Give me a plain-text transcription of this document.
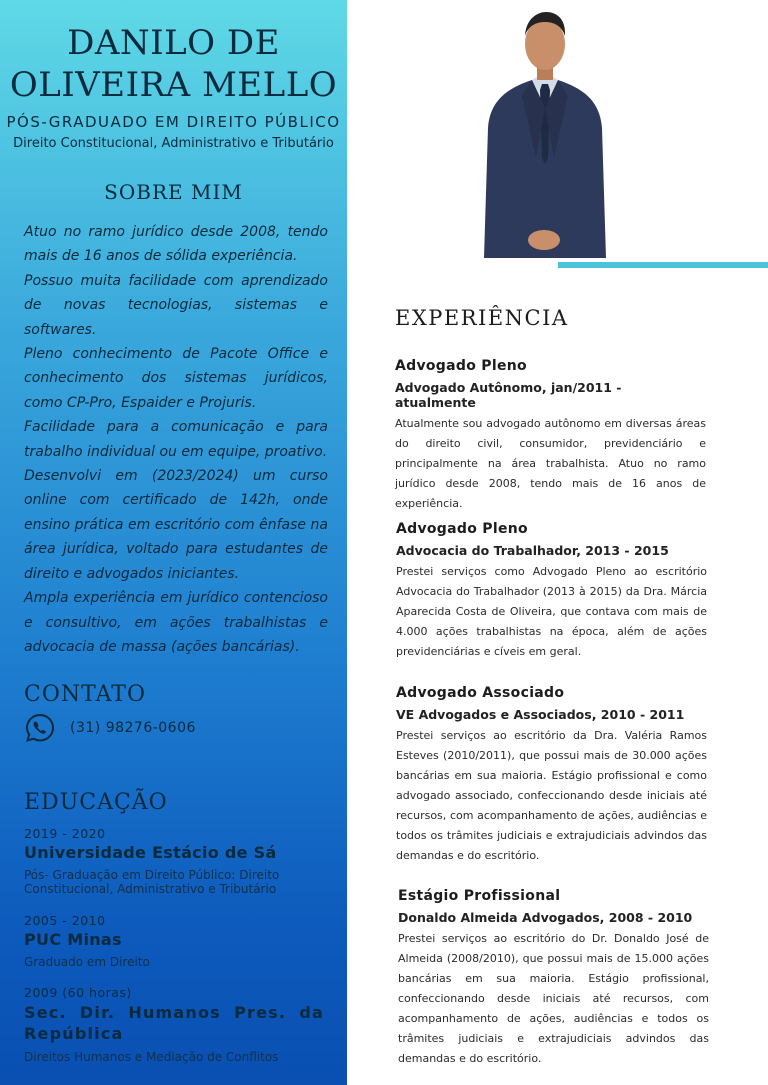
DANILO DE
OLIVEIRA MELLO
PÓS-GRADUADO EM DIREITO PÚBLICO
Direito Constitucional, Administrativo e Tributário
SOBRE MIM

Atuo no ramo jurídico desde 2008, tendo mais de 16 anos de sólida experiência.

Possuo muita facilidade com aprendizado de novas tecnologias, sistemas e softwares.

Pleno conhecimento de Pacote Office e conhecimento dos sistemas jurídicos, como CP-Pro, Espaider e Projuris.

Facilidade para a comunicação e para trabalho individual ou em equipe, proativo.

Desenvolvi em (2023/2024) um curso online com certificado de 142h, onde ensino prática em escritório com ênfase na área jurídica, voltado para estudantes de direito e advogados iniciantes.

Ampla experiência em jurídico contencioso e consultivo, em ações trabalhistas e advocacia de massa (ações bancárias).

CONTATO
(31) 98276-0606
EDUCAÇÃO
2019 - 2020
Universidade Estácio de Sá
Pós- Graduação em Direito Público: Direito Constitucional, Administrativo e Tributário
2005 - 2010
PUC Minas
Graduado em Direito
2009 (60 horas)
Sec. Dir. Humanos Pres. da República
Direitos Humanos e Mediação de Conflitos
EXPERIÊNCIA
Advogado Pleno
Advogado Autônomo, jan/2011 - atualmente
Atualmente sou advogado autônomo em diversas áreas do direito civil, consumidor, previdenciário e principalmente na área trabalhista. Atuo no ramo jurídico desde 2008, tendo mais de 16 anos de experiência.
Advogado Pleno
Advocacia do Trabalhador, 2013 - 2015
Prestei serviços como Advogado Pleno ao escritório Advocacia do Trabalhador (2013 à 2015) da Dra. Márcia Aparecida Costa de Oliveira, que contava com mais de 4.000 ações trabalhistas na época, além de ações previdenciárias e cíveis em geral.
Advogado Associado
VE Advogados e Associados, 2010 - 2011
Prestei serviços ao escritório da Dra. Valéria Ramos Esteves (2010/2011), que possui mais de 30.000 ações bancárias em sua maioria. Estágio profissional e como advogado associado, confeccionando desde iniciais até recursos, com acompanhamento de ações, audiências e todos os trâmites judiciais e extrajudiciais advindos das demandas e do escritório.
Estágio Profissional
Donaldo Almeida Advogados, 2008 - 2010
Prestei serviços ao escritório do Dr. Donaldo José de Almeida (2008/2010), que possui mais de 15.000 ações bancárias em sua maioria. Estágio profissional, confeccionando desde iniciais até recursos, com acompanhamento de ações, audiências e todos os trâmites judiciais e extrajudiciais advindos das demandas e do escritório.
